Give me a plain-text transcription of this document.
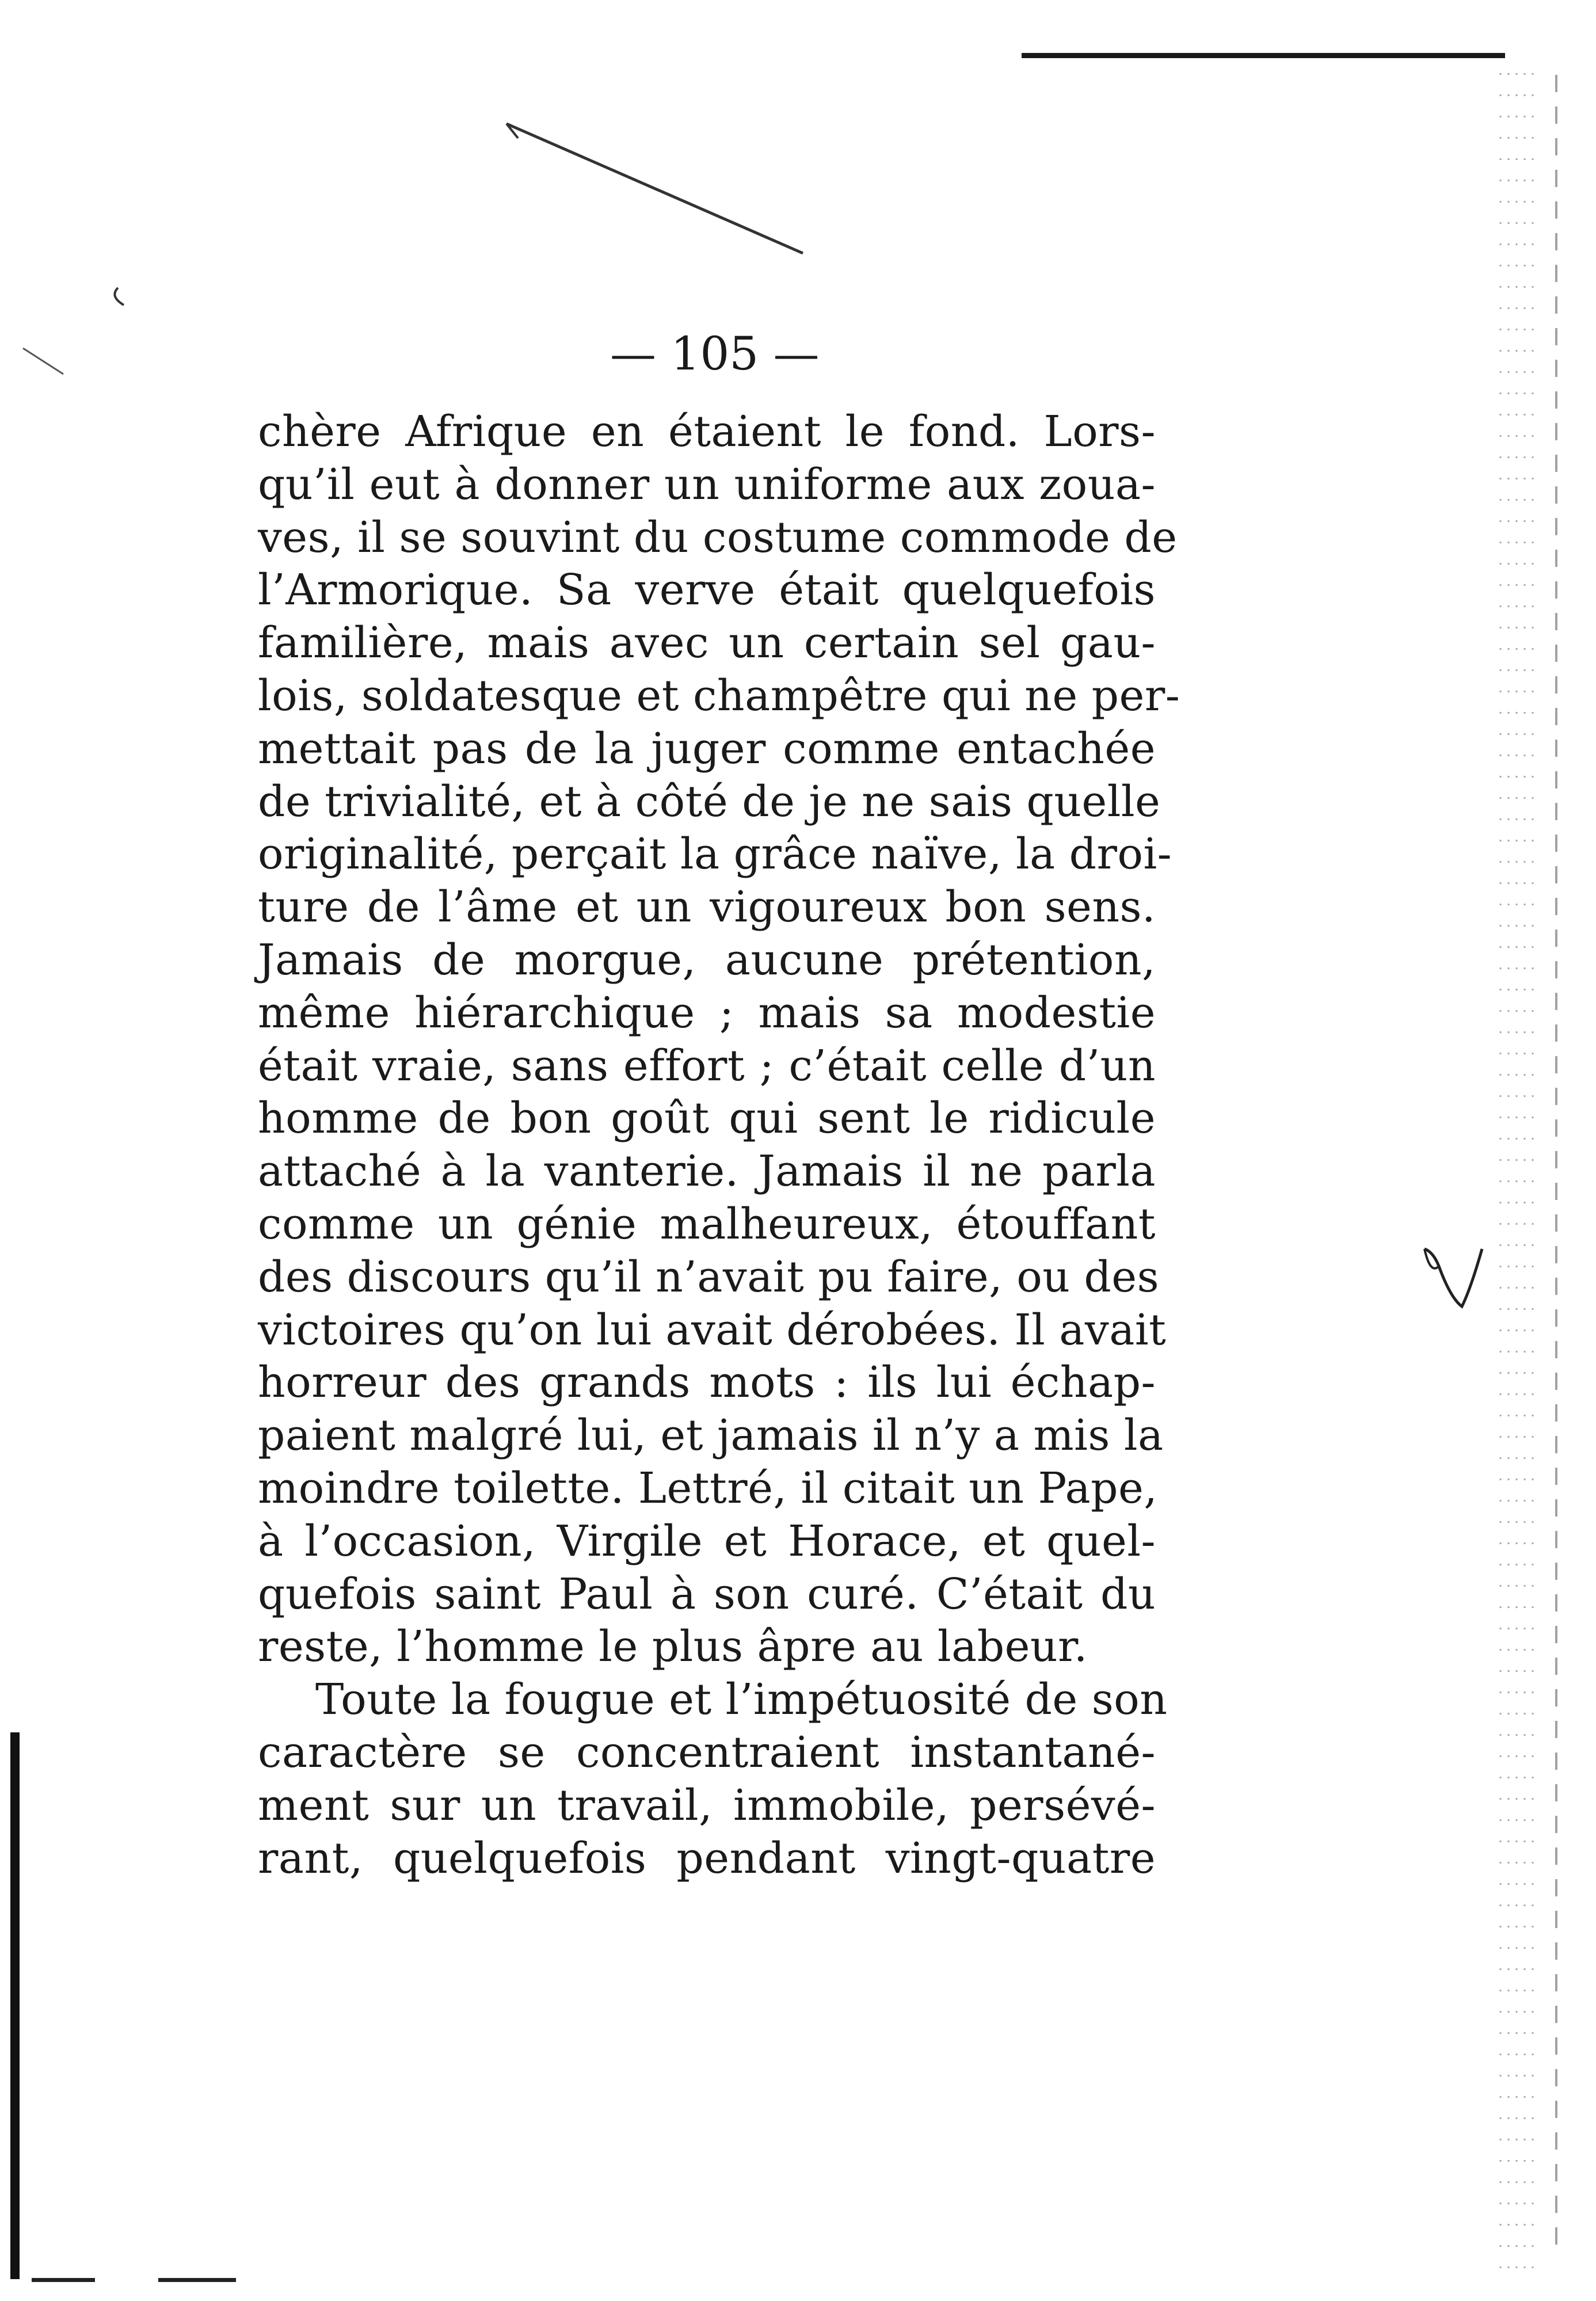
— 105 —
chère Afrique en étaient le fond. Lors-
qu’il eut à donner un uniforme aux zoua-
ves, il se souvint du costume commode de
l’Armorique. Sa verve était quelquefois
familière, mais avec un certain sel gau-
lois, soldatesque et champêtre qui ne per-
mettait pas de la juger comme entachée
de trivialité, et à côté de je ne sais quelle
originalité, perçait la grâce naïve, la droi-
ture de l’âme et un vigoureux bon sens.
Jamais de morgue, aucune prétention,
même hiérarchique ; mais sa modestie
était vraie, sans effort ; c’était celle d’un
homme de bon goût qui sent le ridicule
attaché à la vanterie. Jamais il ne parla
comme un génie malheureux, étouffant
des discours qu’il n’avait pu faire, ou des
victoires qu’on lui avait dérobées. Il avait
horreur des grands mots : ils lui échap-
paient malgré lui, et jamais il n’y a mis la
moindre toilette. Lettré, il citait un Pape,
à l’occasion, Virgile et Horace, et quel-
quefois saint Paul à son curé. C’était du
reste, l’homme le plus âpre au labeur.
Toute la fougue et l’impétuosité de son
caractère se concentraient instantané-
ment sur un travail, immobile, persévé-
rant, quelquefois pendant vingt-quatre
